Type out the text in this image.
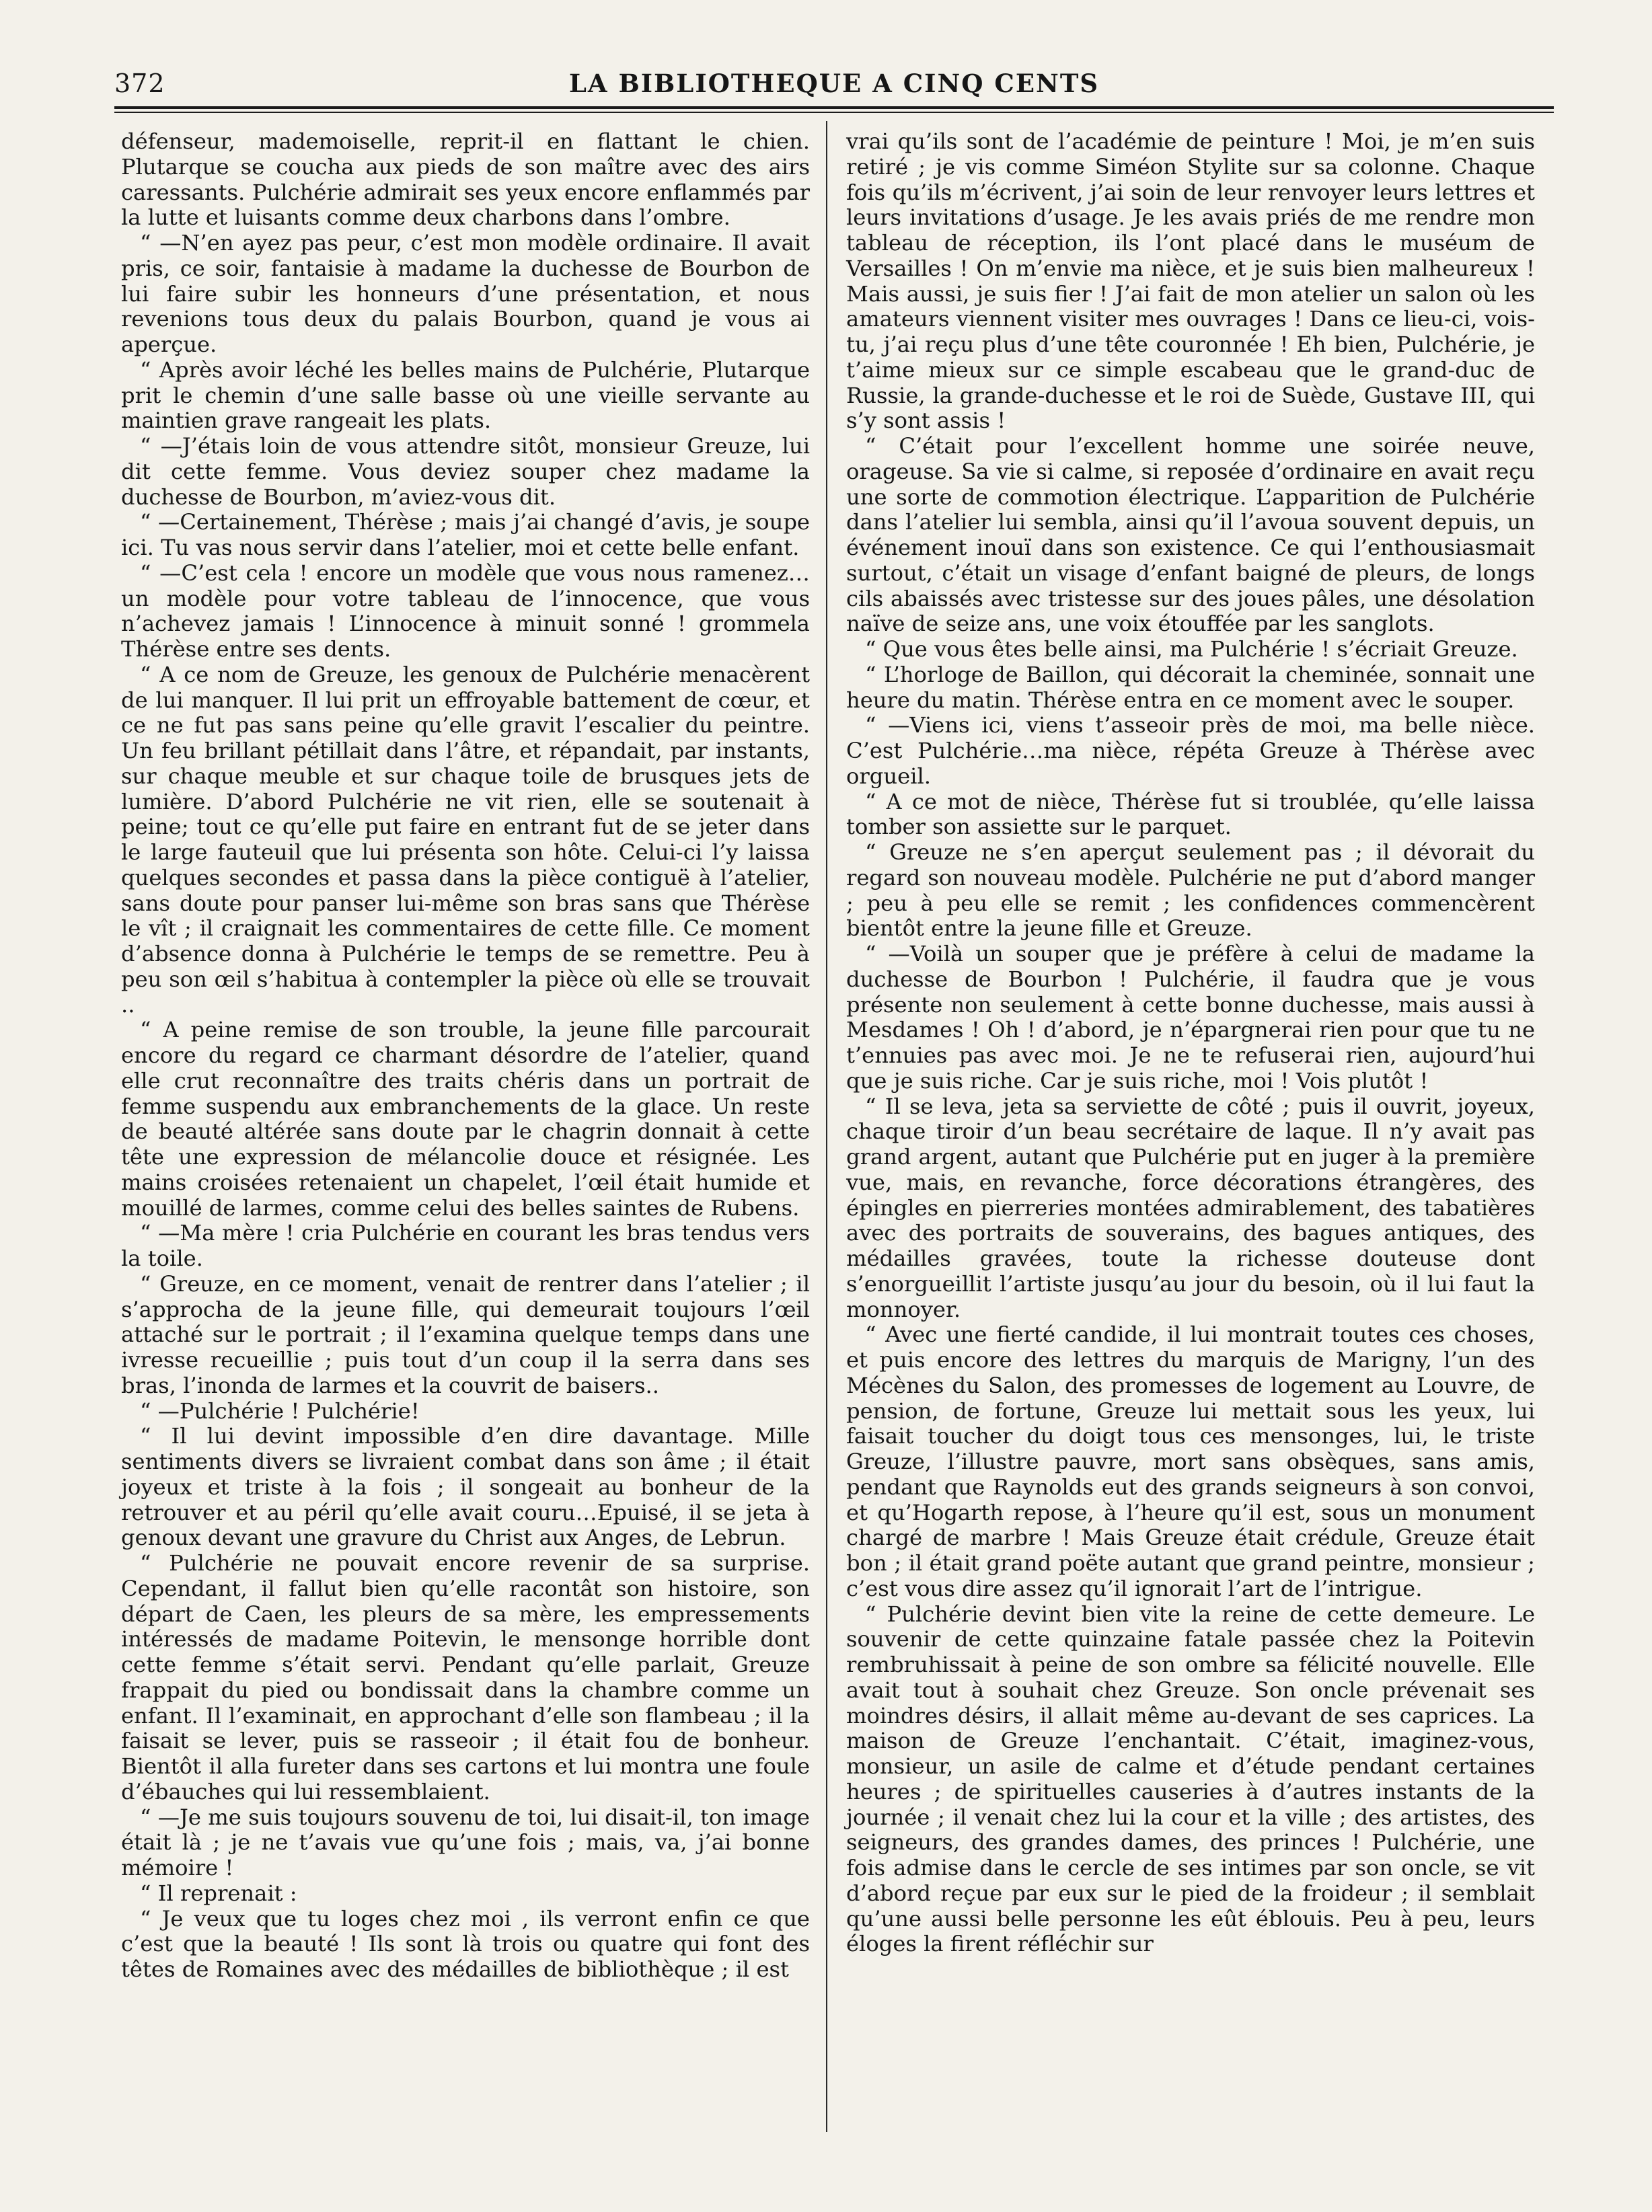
372	LA BIBLIOTHEQUE A CINQ CENTS

défenseur, mademoiselle, reprit-il en flattant le chien. Plutarque se coucha aux pieds de son maître avec des airs caressants. Pulchérie admirait ses yeux encore enflammés par la lutte et luisants comme deux charbons dans l’ombre.

“ —N’en ayez pas peur, c’est mon modèle ordinaire. Il avait pris, ce soir, fantaisie à madame la duchesse de Bourbon de lui faire subir les honneurs d’une présentation, et nous revenions tous deux du palais Bourbon, quand je vous ai aperçue.

“ Après avoir léché les belles mains de Pulchérie, Plutarque prit le chemin d’une salle basse où une vieille servante au maintien grave rangeait les plats.

“ —J’étais loin de vous attendre sitôt, monsieur Greuze, lui dit cette femme. Vous deviez souper chez madame la duchesse de Bourbon, m’aviez-vous dit.

“ —Certainement, Thérèse ; mais j’ai changé d’avis, je soupe ici. Tu vas nous servir dans l’atelier, moi et cette belle enfant.

“ —C’est cela ! encore un modèle que vous nous ramenez… un modèle pour votre tableau de l’innocence, que vous n’achevez jamais ! L’innocence à minuit sonné ! grommela Thérèse entre ses dents.

“ A ce nom de Greuze, les genoux de Pulchérie menacèrent de lui manquer. Il lui prit un effroyable battement de cœur, et ce ne fut pas sans peine qu’elle gravit l’escalier du peintre. Un feu brillant pétillait dans l’âtre, et répandait, par instants, sur chaque meuble et sur chaque toile de brusques jets de lumière. D’abord Pulchérie ne vit rien, elle se soutenait à peine; tout ce qu’elle put faire en entrant fut de se jeter dans le large fauteuil que lui présenta son hôte. Celui-ci l’y laissa quelques secondes et passa dans la pièce contiguë à l’atelier, sans doute pour panser lui-même son bras sans que Thérèse le vît ; il craignait les commentaires de cette fille. Ce moment d’absence donna à Pulchérie le temps de se remettre. Peu à peu son œil s’habitua à contempler la pièce où elle se trouvait ..

“ A peine remise de son trouble, la jeune fille parcourait encore du regard ce charmant désordre de l’atelier, quand elle crut reconnaître des traits chéris dans un portrait de femme suspendu aux embranchements de la glace. Un reste de beauté altérée sans doute par le chagrin donnait à cette tête une expression de mélancolie douce et résignée. Les mains croisées retenaient un chapelet, l’œil était humide et mouillé de larmes, comme celui des belles saintes de Rubens.

“ —Ma mère ! cria Pulchérie en courant les bras tendus vers la toile.

“ Greuze, en ce moment, venait de rentrer dans l’atelier ; il s’approcha de la jeune fille, qui demeurait toujours l’œil attaché sur le portrait ; il l’examina quelque temps dans une ivresse recueillie ; puis tout d’un coup il la serra dans ses bras, l’inonda de larmes et la couvrit de baisers..

“ —Pulchérie ! Pulchérie!

“ Il lui devint impossible d’en dire davantage. Mille sentiments divers se livraient combat dans son âme ; il était joyeux et triste à la fois ; il songeait au bonheur de la retrouver et au péril qu’elle avait couru…Epuisé, il se jeta à genoux devant une gravure du Christ aux Anges, de Lebrun.

“ Pulchérie ne pouvait encore revenir de sa surprise. Cependant, il fallut bien qu’elle racontât son histoire, son départ de Caen, les pleurs de sa mère, les empressements intéressés de madame Poitevin, le mensonge horrible dont cette femme s’était servi. Pendant qu’elle parlait, Greuze frappait du pied ou bondissait dans la chambre comme un enfant. Il l’examinait, en approchant d’elle son flambeau ; il la faisait se lever, puis se rasseoir ; il était fou de bonheur. Bientôt il alla fureter dans ses cartons et lui montra une foule d’ébauches qui lui ressemblaient.

“ —Je me suis toujours souvenu de toi, lui disait-il, ton image était là ; je ne t’avais vue qu’une fois ; mais, va, j’ai bonne mémoire !

“ Il reprenait :

“ Je veux que tu loges chez moi , ils verront enfin ce que c’est que la beauté ! Ils sont là trois ou quatre qui font des têtes de Romaines avec des médailles de bibliothèque ; il est

vrai qu’ils sont de l’académie de peinture ! Moi, je m’en suis retiré ; je vis comme Siméon Stylite sur sa colonne. Chaque fois qu’ils m’écrivent, j’ai soin de leur renvoyer leurs lettres et leurs invitations d’usage. Je les avais priés de me rendre mon tableau de réception, ils l’ont placé dans le muséum de Versailles ! On m’envie ma nièce, et je suis bien malheureux ! Mais aussi, je suis fier ! J’ai fait de mon atelier un salon où les amateurs viennent visiter mes ouvrages ! Dans ce lieu-ci, vois-tu, j’ai reçu plus d’une tête couronnée ! Eh bien, Pulchérie, je t’aime mieux sur ce simple escabeau que le grand-duc de Russie, la grande-duchesse et le roi de Suède, Gustave III, qui s’y sont assis !

“ C’était pour l’excellent homme une soirée neuve, orageuse. Sa vie si calme, si reposée d’ordinaire en avait reçu une sorte de commotion électrique. L’apparition de Pulchérie dans l’atelier lui sembla, ainsi qu’il l’avoua souvent depuis, un événement inouï dans son existence. Ce qui l’enthousiasmait surtout, c’était un visage d’enfant baigné de pleurs, de longs cils abaissés avec tristesse sur des joues pâles, une désolation naïve de seize ans, une voix étouffée par les sanglots.

“ Que vous êtes belle ainsi, ma Pulchérie ! s’écriait Greuze.

“ L’horloge de Baillon, qui décorait la cheminée, sonnait une heure du matin. Thérèse entra en ce moment avec le souper.

“ —Viens ici, viens t’asseoir près de moi, ma belle nièce. C’est Pulchérie…ma nièce, répéta Greuze à Thérèse avec orgueil.

“ A ce mot de nièce, Thérèse fut si troublée, qu’elle laissa tomber son assiette sur le parquet.

“ Greuze ne s’en aperçut seulement pas ; il dévorait du regard son nouveau modèle. Pulchérie ne put d’abord manger ; peu à peu elle se remit ; les confidences commencèrent bientôt entre la jeune fille et Greuze.

“ —Voilà un souper que je préfère à celui de madame la duchesse de Bourbon ! Pulchérie, il faudra que je vous présente non seulement à cette bonne duchesse, mais aussi à Mesdames ! Oh ! d’abord, je n’épargnerai rien pour que tu ne t’ennuies pas avec moi. Je ne te refuserai rien, aujourd’hui que je suis riche. Car je suis riche, moi ! Vois plutôt !

“ Il se leva, jeta sa serviette de côté ; puis il ouvrit, joyeux, chaque tiroir d’un beau secrétaire de laque. Il n’y avait pas grand argent, autant que Pulchérie put en juger à la première vue, mais, en revanche, force décorations étrangères, des épingles en pierreries montées admirablement, des tabatières avec des portraits de souverains, des bagues antiques, des médailles gravées, toute la richesse douteuse dont s’enorgueillit l’artiste jusqu’au jour du besoin, où il lui faut la monnoyer.

“ Avec une fierté candide, il lui montrait toutes ces choses, et puis encore des lettres du marquis de Marigny, l’un des Mécènes du Salon, des promesses de logement au Louvre, de pension, de fortune, Greuze lui mettait sous les yeux, lui faisait toucher du doigt tous ces mensonges, lui, le triste Greuze, l’illustre pauvre, mort sans obsèques, sans amis, pendant que Raynolds eut des grands seigneurs à son convoi, et qu’Hogarth repose, à l’heure qu’il est, sous un monument chargé de marbre ! Mais Greuze était crédule, Greuze était bon ; il était grand poëte autant que grand peintre, monsieur ; c’est vous dire assez qu’il ignorait l’art de l’intrigue.

“ Pulchérie devint bien vite la reine de cette demeure. Le souvenir de cette quinzaine fatale passée chez la Poitevin rembruhissait à peine de son ombre sa félicité nouvelle. Elle avait tout à souhait chez Greuze. Son oncle prévenait ses moindres désirs, il allait même au-devant de ses caprices. La maison de Greuze l’enchantait. C’était, imaginez-vous, monsieur, un asile de calme et d’étude pendant certaines heures ; de spirituelles causeries à d’autres instants de la journée ; il venait chez lui la cour et la ville ; des artistes, des seigneurs, des grandes dames, des princes ! Pulchérie, une fois admise dans le cercle de ses intimes par son oncle, se vit d’abord reçue par eux sur le pied de la froideur ; il semblait qu’une aussi belle personne les eût éblouis. Peu à peu, leurs éloges la firent réfléchir sur
